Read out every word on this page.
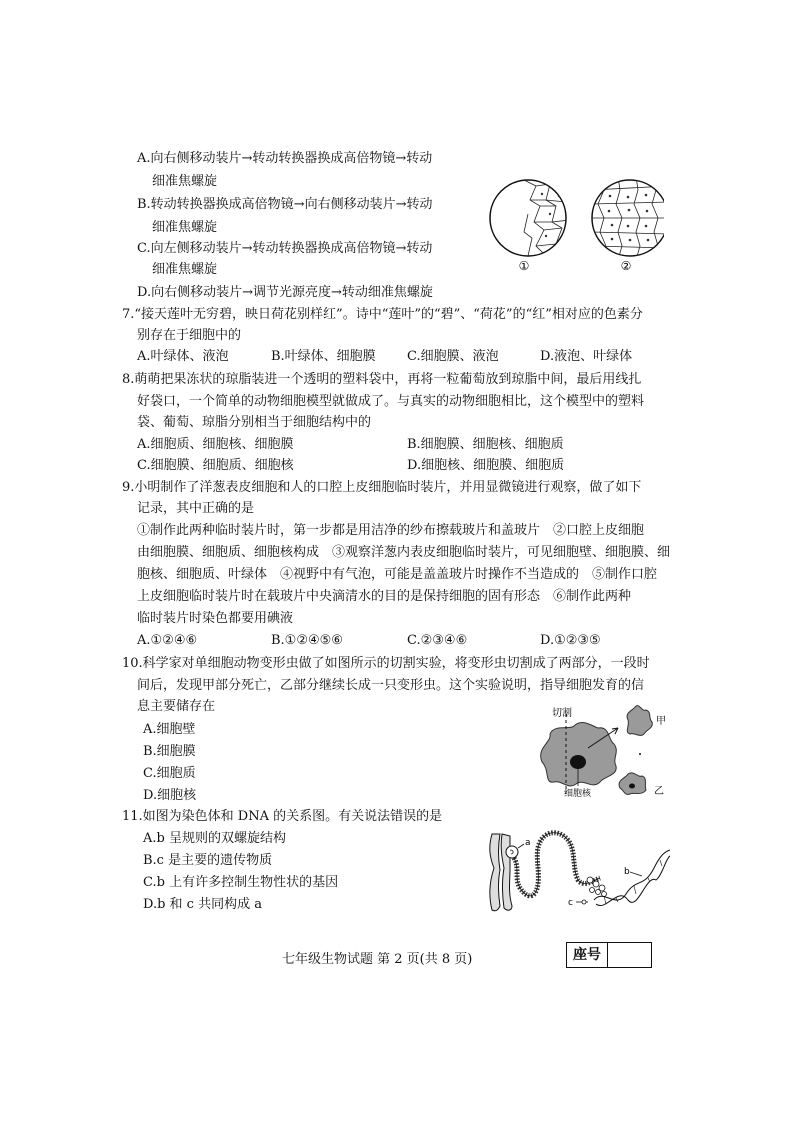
A.向右侧移动装片→转动转换器换成高倍物镜→转动
细准焦螺旋
B.转动转换器换成高倍物镜→向右侧移动装片→转动
细准焦螺旋
C.向左侧移动装片→转动转换器换成高倍物镜→转动
细准焦螺旋
D.向右侧移动装片→调节光源亮度→转动细准焦螺旋
①	②
7.“接天莲叶无穷碧，映日荷花别样红”。诗中“莲叶”的“碧”、“荷花”的“红”相对应的色素分
别存在于细胞中的
A.叶绿体、液泡	B.叶绿体、细胞膜 C.细胞膜、液泡	D.液泡、叶绿体
8.萌萌把果冻状的琼脂装进一个透明的塑料袋中，再将一粒葡萄放到琼脂中间，最后用线扎
好袋口，一个简单的动物细胞模型就做成了。与真实的动物细胞相比，这个模型中的塑料
袋、葡萄、琼脂分别相当于细胞结构中的
A.细胞质、细胞核、细胞膜	B.细胞膜、细胞核、细胞质
C.细胞膜、细胞质、细胞核	D.细胞核、细胞膜、细胞质
9.小明制作了洋葱表皮细胞和人的口腔上皮细胞临时装片，并用显微镜进行观察，做了如下
记录，其中正确的是
①制作此两种临时装片时，第一步都是用洁净的纱布擦载玻片和盖玻片　②口腔上皮细胞
由细胞膜、细胞质、细胞核构成　③观察洋葱内表皮细胞临时装片，可见细胞壁、细胞膜、细
胞核、细胞质、叶绿体　④视野中有气泡，可能是盖盖玻片时操作不当造成的　⑤制作口腔
上皮细胞临时装片时在载玻片中央滴清水的目的是保持细胞的固有形态　⑥制作此两种
临时装片时染色都要用碘液
A.①②④⑥	B.①②④⑤⑥	C.②③④⑥	D.①②③⑤
10.科学家对单细胞动物变形虫做了如图所示的切割实验，将变形虫切割成了两部分，一段时
间后，发现甲部分死亡，乙部分继续长成一只变形虫。这个实验说明，指导细胞发育的信
息主要储存在
A.细胞壁
B.细胞膜
C.细胞质
D.细胞核
切割
甲
乙
细胞核
11.如图为染色体和 DNA 的关系图。有关说法错误的是
A.b 呈规则的双螺旋结构
B.c 是主要的遗传物质
C.b 上有许多控制生物性状的基因
D.b 和 c 共同构成 a
a
b
c
七年级生物试题 第 2 页(共 8 页)	座号
